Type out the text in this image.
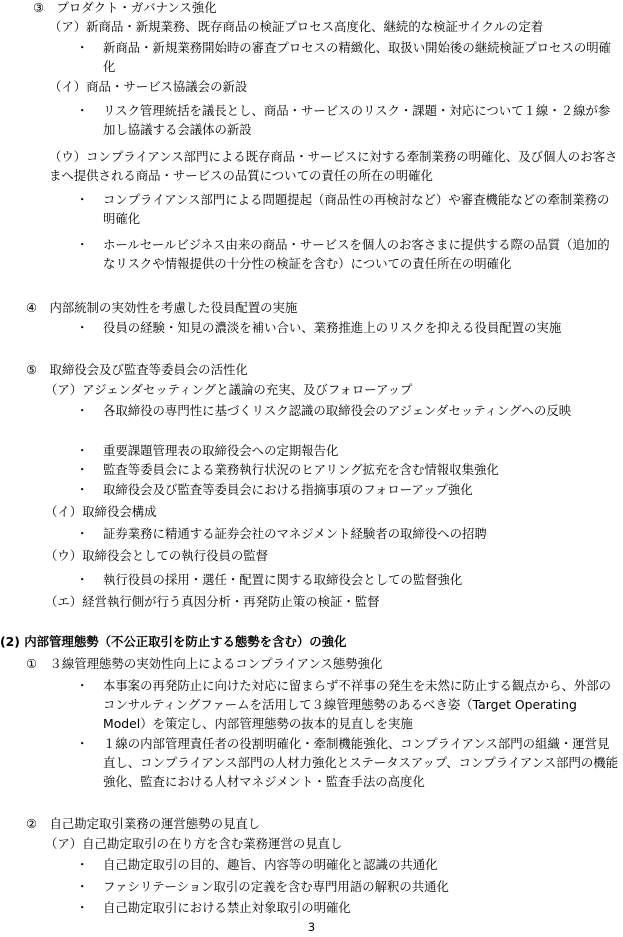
③　プロダクト・ガバナンス強化
（ア）新商品・新規業務、既存商品の検証プロセス高度化、継続的な検証サイクルの定着
・ 新商品・新規業務開始時の審査プロセスの精緻化、取扱い開始後の継続検証プロセスの明確化
（イ）商品・サービス協議会の新設
・ リスク管理統括を議長とし、商品・サービスのリスク・課題・対応について１線・２線が参加し協議する会議体の新設
（ウ）コンプライアンス部門による既存商品・サービスに対する牽制業務の明確化、及び個人のお客さまへ提供される商品・サービスの品質についての責任の所在の明確化
・ コンプライアンス部門による問題提起（商品性の再検討など）や審査機能などの牽制業務の明確化
・ ホールセールビジネス由来の商品・サービスを個人のお客さまに提供する際の品質（追加的なリスクや情報提供の十分性の検証を含む）についての責任所在の明確化
④　内部統制の実効性を考慮した役員配置の実施
・ 役員の経験・知見の濃淡を補い合い、業務推進上のリスクを抑える役員配置の実施
⑤　取締役会及び監査等委員会の活性化
（ア）アジェンダセッティングと議論の充実、及びフォローアップ
・ 各取締役の専門性に基づくリスク認識の取締役会のアジェンダセッティングへの反映
・ 重要課題管理表の取締役会への定期報告化
・ 監査等委員会による業務執行状況のヒアリング拡充を含む情報収集強化
・ 取締役会及び監査等委員会における指摘事項のフォローアップ強化
（イ）取締役会構成
・ 証券業務に精通する証券会社のマネジメント経験者の取締役への招聘
（ウ）取締役会としての執行役員の監督
・ 執行役員の採用・選任・配置に関する取締役会としての監督強化
（エ）経営執行側が行う真因分析・再発防止策の検証・監督
(2) 内部管理態勢（不公正取引を防止する態勢を含む）の強化
①　３線管理態勢の実効性向上によるコンプライアンス態勢強化
・ 本事案の再発防止に向けた対応に留まらず不祥事の発生を未然に防止する観点から、外部のコンサルティングファームを活用して３線管理態勢のあるべき姿（Target Operating Model）を策定し、内部管理態勢の抜本的見直しを実施
・ １線の内部管理責任者の役割明確化・牽制機能強化、コンプライアンス部門の組織・運営見直し、コンプライアンス部門の人材力強化とステータスアップ、コンプライアンス部門の機能強化、監査における人材マネジメント・監査手法の高度化
②　自己勘定取引業務の運営態勢の見直し
（ア）自己勘定取引の在り方を含む業務運営の見直し
・ 自己勘定取引の目的、趣旨、内容等の明確化と認識の共通化
・ ファシリテーション取引の定義を含む専門用語の解釈の共通化
・ 自己勘定取引における禁止対象取引の明確化
3
